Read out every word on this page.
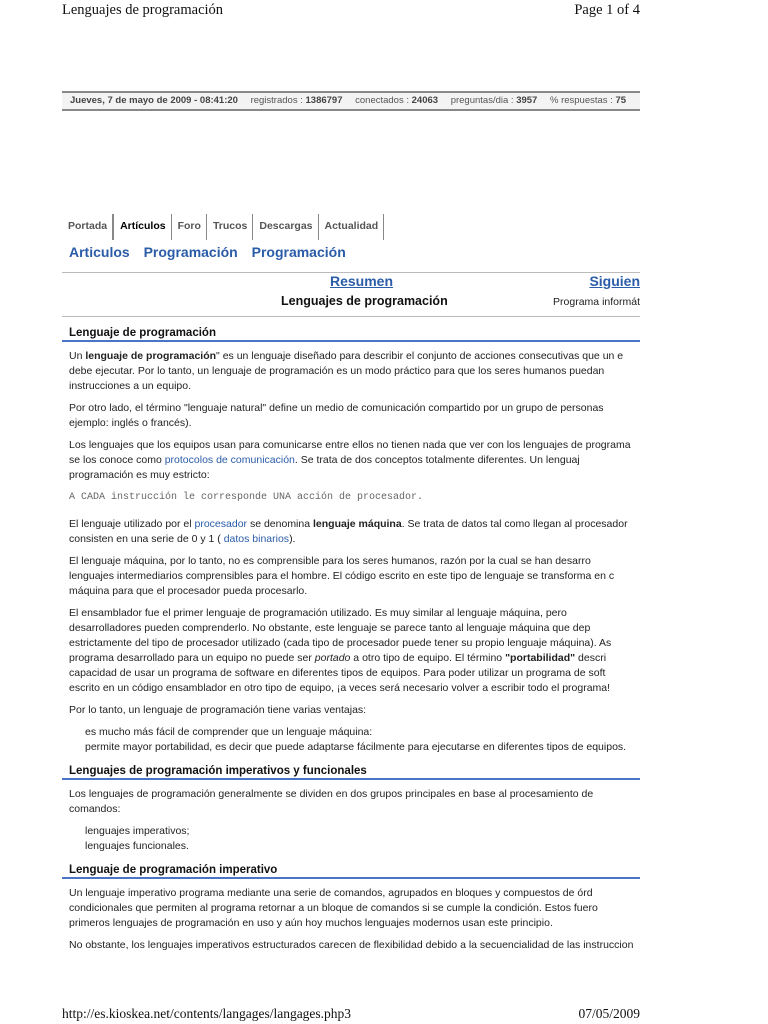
Lenguajes de programación	Page 1 of 4
Jueves, 7 de mayo de 2009 - 08:41:20 registrados : 1386797 conectados : 24063 preguntas/dia : 3957 % respuestas : 75
Portada	Artículos	Foro	Trucos	Descargas	Actualidad
Articulos Programación Programación
Resumen
Lenguajes de programación
Siguien
Programa informát
Lenguaje de programación

Un lenguaje de programación" es un lenguaje diseñado para describir el conjunto de acciones consecutivas que un e
debe ejecutar. Por lo tanto, un lenguaje de programación es un modo práctico para que los seres humanos puedan
instrucciones a un equipo.

Por otro lado, el término "lenguaje natural" define un medio de comunicación compartido por un grupo de personas
ejemplo: inglés o francés).

Los lenguajes que los equipos usan para comunicarse entre ellos no tienen nada que ver con los lenguajes de programa
se los conoce como protocolos de comunicación. Se trata de dos conceptos totalmente diferentes. Un lenguaj
programación es muy estricto:

A CADA instrucción le corresponde UNA acción de procesador.

El lenguaje utilizado por el procesador se denomina lenguaje máquina. Se trata de datos tal como llegan al procesador
consisten en una serie de 0 y 1 ( datos binarios).

El lenguaje máquina, por lo tanto, no es comprensible para los seres humanos, razón por la cual se han desarro
lenguajes intermediarios comprensibles para el hombre. El código escrito en este tipo de lenguaje se transforma en c
máquina para que el procesador pueda procesarlo.

El ensamblador fue el primer lenguaje de programación utilizado. Es muy similar al lenguaje máquina, pero
desarrolladores pueden comprenderlo. No obstante, este lenguaje se parece tanto al lenguaje máquina que dep
estrictamente del tipo de procesador utilizado (cada tipo de procesador puede tener su propio lenguaje máquina). As
programa desarrollado para un equipo no puede ser portado a otro tipo de equipo. El término "portabilidad" descri
capacidad de usar un programa de software en diferentes tipos de equipos. Para poder utilizar un programa de soft
escrito en un código ensamblador en otro tipo de equipo, ¡a veces será necesario volver a escribir todo el programa!

Por lo tanto, un lenguaje de programación tiene varias ventajas:

es mucho más fácil de comprender que un lenguaje máquina:
permite mayor portabilidad, es decir que puede adaptarse fácilmente para ejecutarse en diferentes tipos de equipos.
Lenguajes de programación imperativos y funcionales

Los lenguajes de programación generalmente se dividen en dos grupos principales en base al procesamiento de
comandos:

lenguajes imperativos;
lenguajes funcionales.
Lenguaje de programación imperativo

Un lenguaje imperativo programa mediante una serie de comandos, agrupados en bloques y compuestos de órd
condicionales que permiten al programa retornar a un bloque de comandos si se cumple la condición. Estos fuero
primeros lenguajes de programación en uso y aún hoy muchos lenguajes modernos usan este principio.

No obstante, los lenguajes imperativos estructurados carecen de flexibilidad debido a la secuencialidad de las instruccion

http://es.kioskea.net/contents/langages/langages.php3	07/05/2009
